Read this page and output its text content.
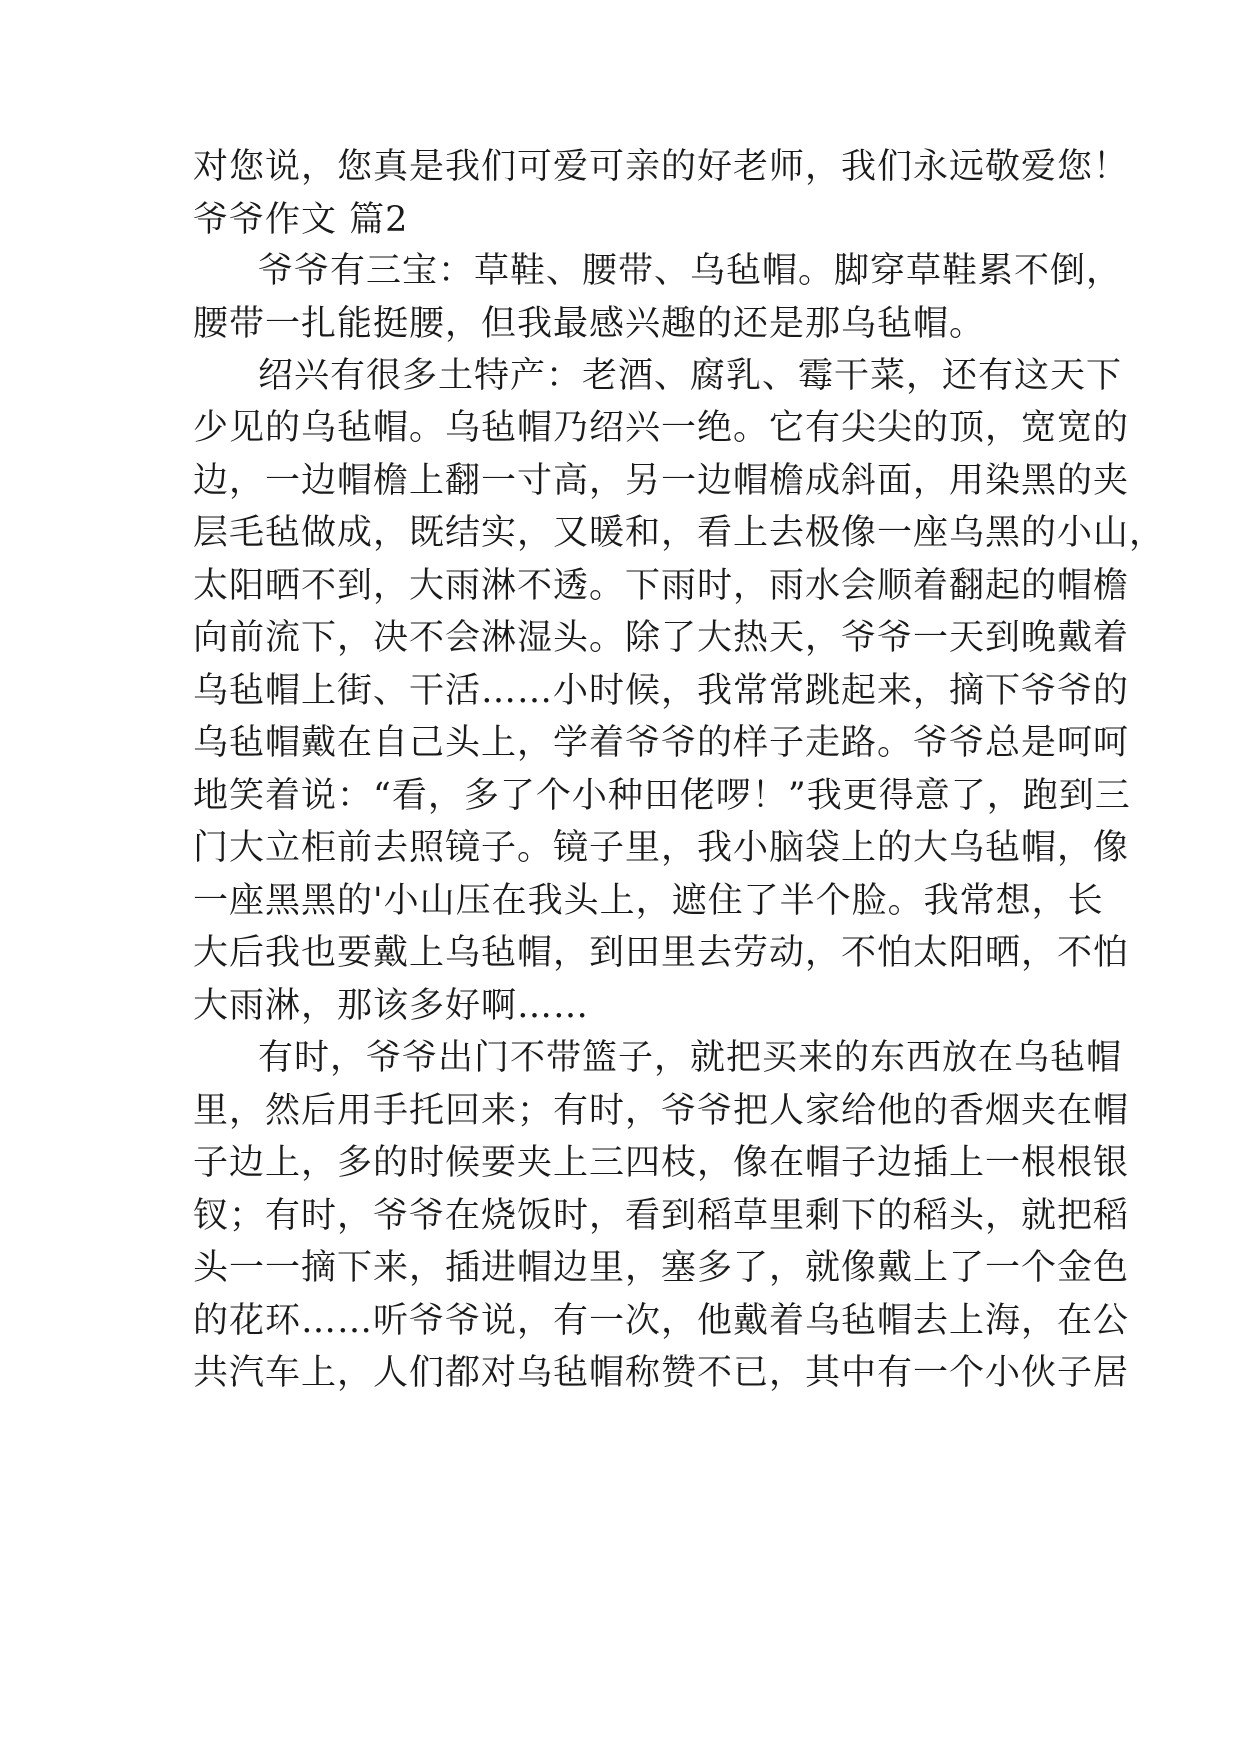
对您说，您真是我们可爱可亲的好老师，我们永远敬爱您！
爷爷作文 篇2
爷爷有三宝：草鞋、腰带、乌毡帽。脚穿草鞋累不倒，
腰带一扎能挺腰，但我最感兴趣的还是那乌毡帽。
绍兴有很多土特产：老酒、腐乳、霉干菜，还有这天下
少见的乌毡帽。乌毡帽乃绍兴一绝。它有尖尖的顶，宽宽的
边，一边帽檐上翻一寸高，另一边帽檐成斜面，用染黑的夹
层毛毡做成，既结实，又暖和，看上去极像一座乌黑的小山，
太阳晒不到，大雨淋不透。下雨时，雨水会顺着翻起的帽檐
向前流下，决不会淋湿头。除了大热天，爷爷一天到晚戴着
乌毡帽上街、干活……小时候，我常常跳起来，摘下爷爷的
乌毡帽戴在自己头上，学着爷爷的样子走路。爷爷总是呵呵
地笑着说：“看，多了个小种田佬啰！”我更得意了，跑到三
门大立柜前去照镜子。镜子里，我小脑袋上的大乌毡帽，像
一座黑黑的'小山压在我头上，遮住了半个脸。我常想，长
大后我也要戴上乌毡帽，到田里去劳动，不怕太阳晒，不怕
大雨淋，那该多好啊……
有时，爷爷出门不带篮子，就把买来的东西放在乌毡帽
里，然后用手托回来；有时，爷爷把人家给他的香烟夹在帽
子边上，多的时候要夹上三四枝，像在帽子边插上一根根银
钗；有时，爷爷在烧饭时，看到稻草里剩下的稻头，就把稻
头一一摘下来，插进帽边里，塞多了，就像戴上了一个金色
的花环……听爷爷说，有一次，他戴着乌毡帽去上海，在公
共汽车上，人们都对乌毡帽称赞不已，其中有一个小伙子居
